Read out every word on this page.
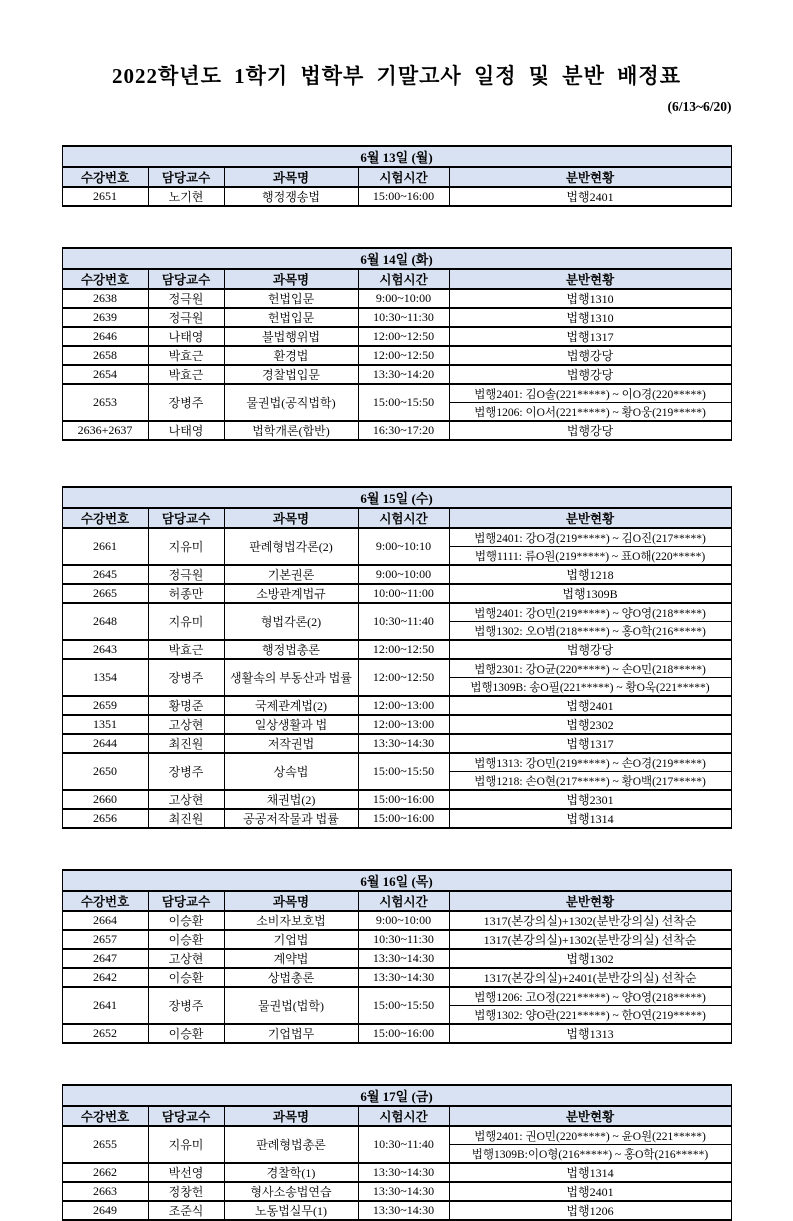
2022학년도 1학기 법학부 기말고사 일정 및 분반 배정표
(6/13~6/20)
6월 13일 (월)				
수강번호	담당교수	과목명	시험시간	분반현황
2651	노기현	행정쟁송법	15:00~16:00	법행2401
6월 14일 (화)				
수강번호	담당교수	과목명	시험시간	분반현황
2638	정극원	헌법입문	9:00~10:00	법행1310
2639	정극원	헌법입문	10:30~11:30	법행1310
2646	나태영	불법행위법	12:00~12:50	법행1317
2658	박효근	환경법	12:00~12:50	법행강당
2654	박효근	경찰법입문	13:30~14:20	법행강당
2653	장병주	물권법(공직법학)	15:00~15:50	법행2401: 김O솔(221*****) ~ 이O경(220*****)
				법행1206: 이O서(221*****) ~ 황O웅(219*****)
2636+2637	나태영	법학개론(합반)	16:30~17:20	법행강당
6월 15일 (수)				
수강번호	담당교수	과목명	시험시간	분반현황
2661	지유미	판례형법각론(2)	9:00~10:10	법행2401: 강O경(219*****) ~ 김O진(217*****)
				법행1111: 류O원(219*****) ~ 표O해(220*****)
2645	정극원	기본권론	9:00~10:00	법행1218
2665	허종만	소방관계법규	10:00~11:00	법행1309B
2648	지유미	형법각론(2)	10:30~11:40	법행2401: 강O민(219*****) ~ 양O영(218*****)
				법행1302: 오O범(218*****) ~ 홍O학(216*****)
2643	박효근	행정법총론	12:00~12:50	법행강당
1354	장병주	생활속의 부동산과 법률	12:00~12:50	법행2301: 강O균(220*****) ~ 손O민(218*****)
				법행1309B: 송O필(221*****) ~ 황O욱(221*****)
2659	황명준	국제관계법(2)	12:00~13:00	법행2401
1351	고상현	일상생활과 법	12:00~13:00	법행2302
2644	최진원	저작권법	13:30~14:30	법행1317
2650	장병주	상속법	15:00~15:50	법행1313: 강O민(219*****) ~ 손O경(219*****)
				법행1218: 손O현(217*****) ~ 황O백(217*****)
2660	고상현	채권법(2)	15:00~16:00	법행2301
2656	최진원	공공저작물과 법률	15:00~16:00	법행1314
6월 16일 (목)				
수강번호	담당교수	과목명	시험시간	분반현황
2664	이승환	소비자보호법	9:00~10:00	1317(본강의실)+1302(분반강의실) 선착순
2657	이승환	기업법	10:30~11:30	1317(본강의실)+1302(분반강의실) 선착순
2647	고상현	계약법	13:30~14:30	법행1302
2642	이승환	상법총론	13:30~14:30	1317(본강의실)+2401(분반강의실) 선착순
2641	장병주	물권법(법학)	15:00~15:50	법행1206: 고O정(221*****) ~ 양O영(218*****)
				법행1302: 양O란(221*****) ~ 한O연(219*****)
2652	이승환	기업법무	15:00~16:00	법행1313
6월 17일 (금)				
수강번호	담당교수	과목명	시험시간	분반현황
2655	지유미	판례형법총론	10:30~11:40	법행2401: 권O민(220*****) ~ 윤O원(221*****)
				법행1309B:이O형(216*****) ~ 홍O학(216*****)
2662	박선영	경찰학(1)	13:30~14:30	법행1314
2663	정창헌	형사소송법연습	13:30~14:30	법행2401
2649	조준식	노동법실무(1)	13:30~14:30	법행1206
